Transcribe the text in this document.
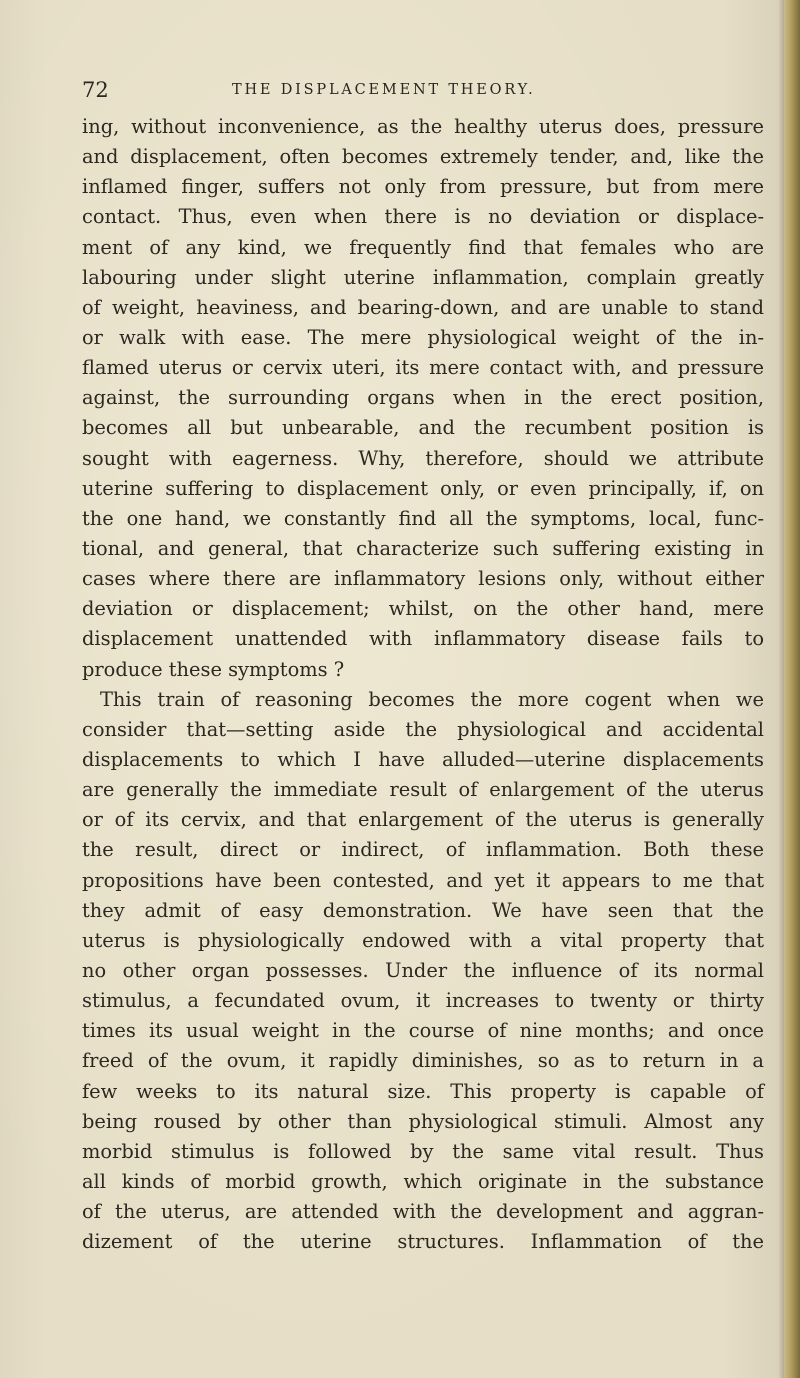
72	THE DISPLACEMENT THEORY.
ing, without inconvenience, as the healthy uterus does, pressure
and displacement, often becomes extremely tender, and, like the
inflamed finger, suffers not only from pressure, but from mere
contact. Thus, even when there is no deviation or displace-
ment of any kind, we frequently find that females who are
labouring under slight uterine inflammation, complain greatly
of weight, heaviness, and bearing-down, and are unable to stand
or walk with ease. The mere physiological weight of the in-
flamed uterus or cervix uteri, its mere contact with, and pressure
against, the surrounding organs when in the erect position,
becomes all but unbearable, and the recumbent position is
sought with eagerness. Why, therefore, should we attribute
uterine suffering to displacement only, or even principally, if, on
the one hand, we constantly find all the symptoms, local, func-
tional, and general, that characterize such suffering existing in
cases where there are inflammatory lesions only, without either
deviation or displacement; whilst, on the other hand, mere
displacement unattended with inflammatory disease fails to
produce these symptoms ?
This train of reasoning becomes the more cogent when we
consider that—setting aside the physiological and accidental
displacements to which I have alluded—uterine displacements
are generally the immediate result of enlargement of the uterus
or of its cervix, and that enlargement of the uterus is generally
the result, direct or indirect, of inflammation. Both these
propositions have been contested, and yet it appears to me that
they admit of easy demonstration. We have seen that the
uterus is physiologically endowed with a vital property that
no other organ possesses. Under the influence of its normal
stimulus, a fecundated ovum, it increases to twenty or thirty
times its usual weight in the course of nine months; and once
freed of the ovum, it rapidly diminishes, so as to return in a
few weeks to its natural size. This property is capable of
being roused by other than physiological stimuli. Almost any
morbid stimulus is followed by the same vital result. Thus
all kinds of morbid growth, which originate in the substance
of the uterus, are attended with the development and aggran-
dizement of the uterine structures. Inflammation of the
